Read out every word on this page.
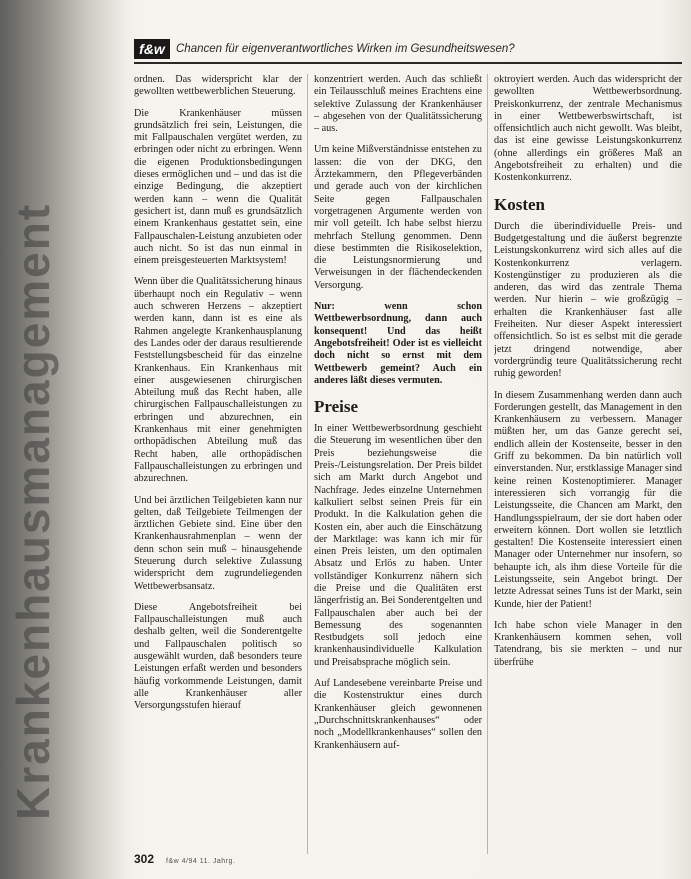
Krankenhausmanagement
f&w Chancen für eigenverantwortliches Wirken im Gesundheitswesen?

ordnen. Das widerspricht klar der gewollten wettbewerblichen Steuerung.

Die Krankenhäuser müssen grundsätzlich frei sein, Leistungen, die mit Fallpauschalen vergütet werden, zu erbringen oder nicht zu erbringen. Wenn die eigenen Produktionsbedingungen dieses ermöglichen und – und das ist die einzige Bedingung, die akzeptiert werden kann – wenn die Qualität gesichert ist, dann muß es grundsätzlich einem Krankenhaus gestattet sein, eine Fallpauschalen-Leistung anzubieten oder auch nicht. So ist das nun einmal in einem preisgesteuerten Marktsystem!

Wenn über die Qualitätssicherung hinaus überhaupt noch ein Regulativ – wenn auch schweren Herzens – akzeptiert werden kann, dann ist es eine als Rahmen angelegte Krankenhausplanung des Landes oder der daraus resultierende Feststellungsbescheid für das einzelne Krankenhaus. Ein Krankenhaus mit einer ausgewiesenen chirurgischen Abteilung muß das Recht haben, alle chirurgischen Fallpauschalleistungen zu erbringen und abzurechnen, ein Krankenhaus mit einer genehmigten orthopädischen Abteilung muß das Recht haben, alle orthopädischen Fallpauschalleistungen zu erbringen und abzurechnen.

Und bei ärztlichen Teilgebieten kann nur gelten, daß Teilgebiete Teilmengen der ärztlichen Gebiete sind. Eine über den Krankenhausrahmenplan – wenn der denn schon sein muß – hinausgehende Steuerung durch selektive Zulassung widerspricht dem zugrundeliegenden Wettbewerbsansatz.

Diese Angebotsfreiheit bei Fallpauschalleistungen muß auch deshalb gelten, weil die Sonderentgelte und Fallpauschalen politisch so ausgewählt wurden, daß besonders teure Leistungen erfaßt werden und besonders häufig vorkommende Leistungen, damit alle Krankenhäuser aller Versorgungsstufen hierauf

konzentriert werden. Auch das schließt ein Teilausschluß meines Erachtens eine selektive Zulassung der Krankenhäuser – abgesehen von der Qualitätssicherung – aus.

Um keine Mißverständnisse entstehen zu lassen: die von der DKG, den Ärztekammern, den Pflegeverbänden und gerade auch von der kirchlichen Seite gegen Fallpauschalen vorgetragenen Argumente werden von mir voll geteilt. Ich habe selbst hierzu mehrfach Stellung genommen. Denn diese bestimmten die Risikoselektion, die Leistungsnormierung und Verweisungen in der flächendeckenden Versorgung.

Nur: wenn schon Wettbewerbsordnung, dann auch konsequent! Und das heißt Angebotsfreiheit! Oder ist es vielleicht doch nicht so ernst mit dem Wettbewerb gemeint? Auch ein anderes läßt dieses vermuten.

Preise

In einer Wettbewerbsordnung geschieht die Steuerung im wesentlichen über den Preis beziehungsweise die Preis-/Leistungsrelation. Der Preis bildet sich am Markt durch Angebot und Nachfrage. Jedes einzelne Unternehmen kalkuliert selbst seinen Preis für ein Produkt. In die Kalkulation gehen die Kosten ein, aber auch die Einschätzung der Marktlage: was kann ich mir für einen Preis leisten, um den optimalen Absatz und Erlös zu haben. Unter vollständiger Konkurrenz nähern sich die Preise und die Qualitäten erst längerfristig an. Bei Sonderentgelten und Fallpauschalen aber auch bei der Bemessung des sogenannten Restbudgets soll jedoch eine krankenhausindividuelle Kalkulation und Preisabsprache möglich sein.

Auf Landesebene vereinbarte Preise und die Kostenstruktur eines durch Krankenhäuser gleich gewonnenen „Durchschnittskrankenhauses“ oder noch „Modellkrankenhauses“ sollen den Krankenhäusern auf-

oktroyiert werden. Auch das widerspricht der gewollten Wettbewerbsordnung. Preiskonkurrenz, der zentrale Mechanismus in einer Wettbewerbswirtschaft, ist offensichtlich auch nicht gewollt. Was bleibt, das ist eine gewisse Leistungskonkurrenz (ohne allerdings ein größeres Maß an Angebotsfreiheit zu erhalten) und die Kostenkonkurrenz.

Kosten

Durch die überindividuelle Preis- und Budgetgestaltung und die äußerst begrenzte Leistungskonkurrenz wird sich alles auf die Kostenkonkurrenz verlagern. Kostengünstiger zu produzieren als die anderen, das wird das zentrale Thema werden. Nur hierin – wie großzügig – erhalten die Krankenhäuser fast alle Freiheiten. Nur dieser Aspekt interessiert offensichtlich. So ist es selbst mit die gerade jetzt dringend notwendige, aber vordergründig teure Qualitätssicherung recht ruhig geworden!

In diesem Zusammenhang werden dann auch Forderungen gestellt, das Management in den Krankenhäusern zu verbessern. Manager müßten her, um das Ganze gerecht sei, endlich allein der Kostenseite, besser in den Griff zu bekommen. Da bin natürlich voll einverstanden. Nur, erstklassige Manager sind keine reinen Kostenoptimierer. Manager interessieren sich vorrangig für die Leistungsseite, die Chancen am Markt, den Handlungsspielraum, der sie dort haben oder erweitern können. Dort wollen sie letztlich gestalten! Die Kostenseite interessiert einen Manager oder Unternehmer nur insofern, so behaupte ich, als ihm diese Vorteile für die Leistungsseite, sein Angebot bringt. Der letzte Adressat seines Tuns ist der Markt, sein Kunde, hier der Patient!

Ich habe schon viele Manager in den Krankenhäusern kommen sehen, voll Tatendrang, bis sie merkten – und nur überfrühe

302 f&w 4/94 11. Jahrg.
